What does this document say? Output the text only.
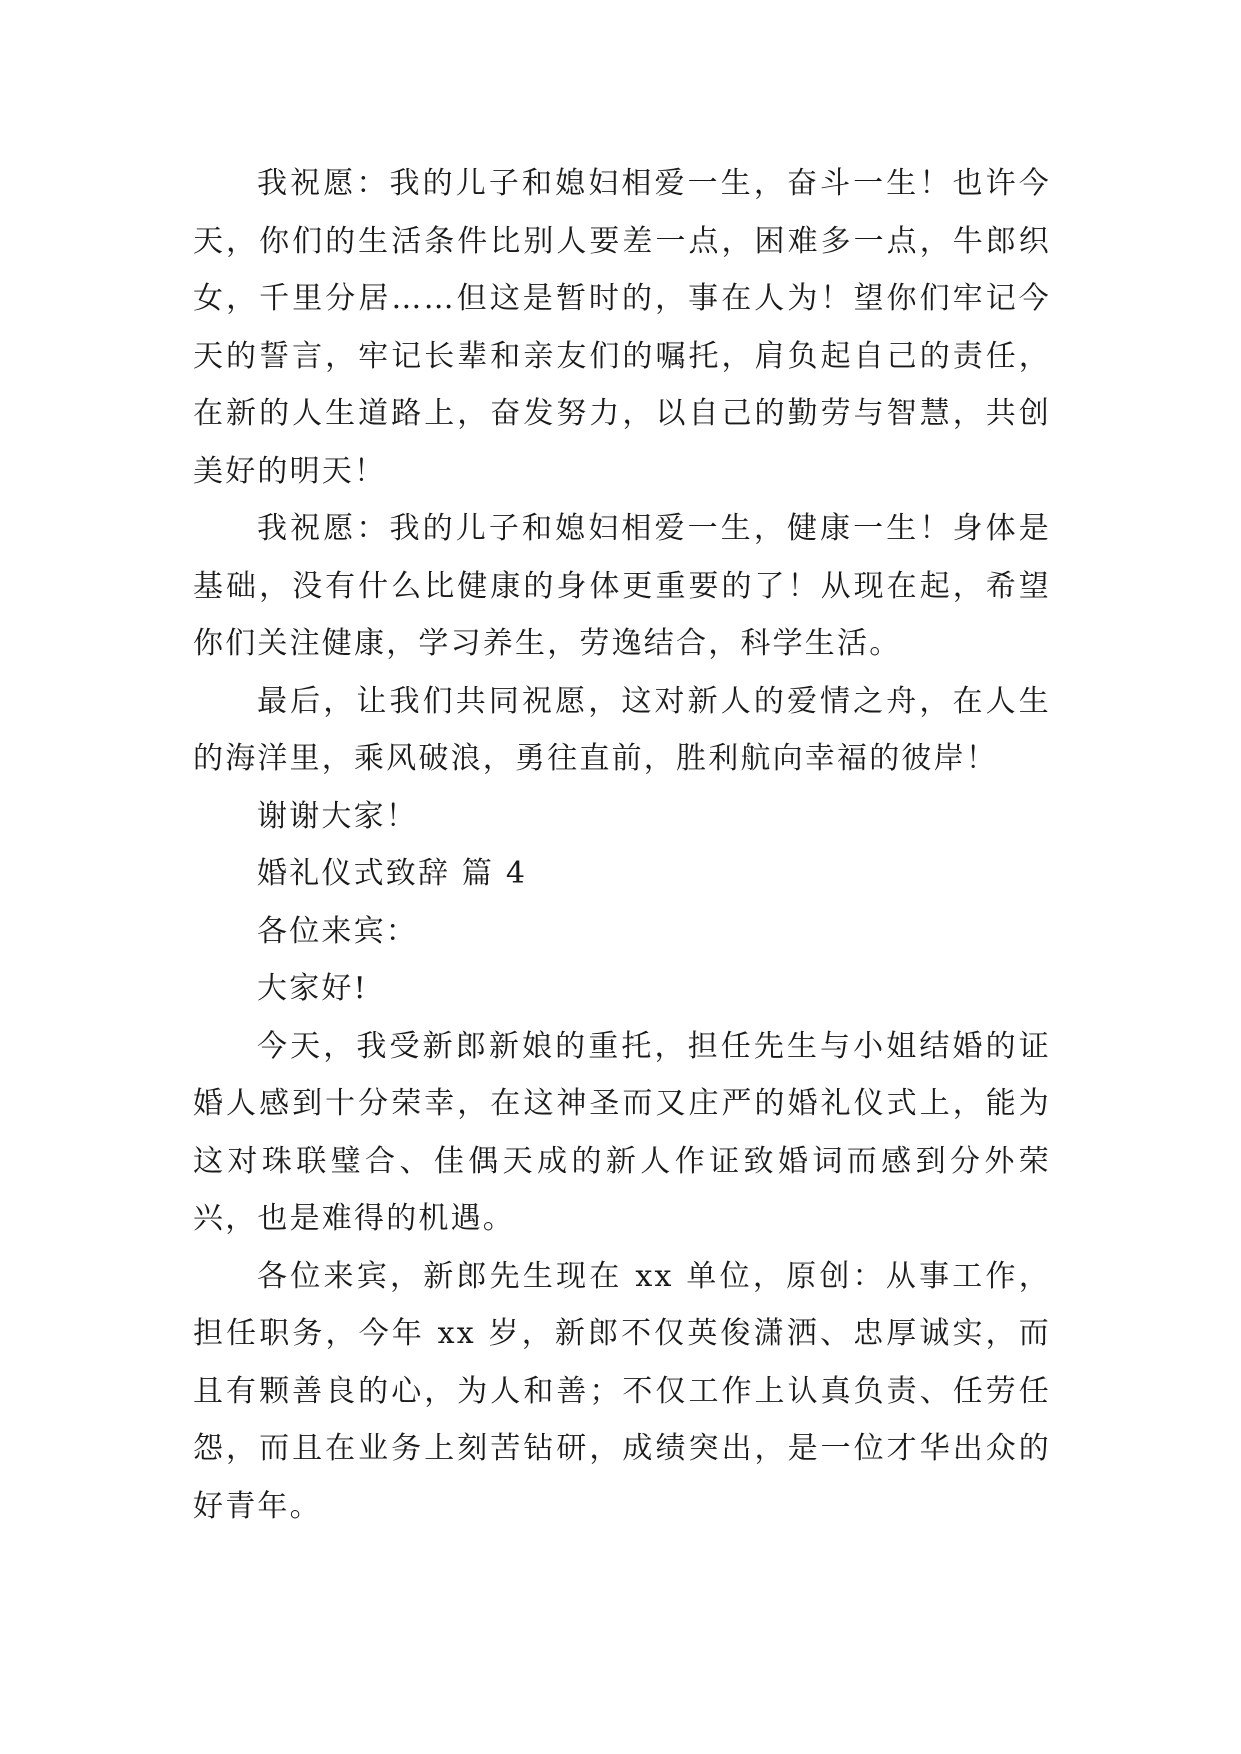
我祝愿：我的儿子和媳妇相爱一生，奋斗一生！也许今天，你们的生活条件比别人要差一点，困难多一点，牛郎织女，千里分居……但这是暂时的，事在人为！望你们牢记今天的誓言，牢记长辈和亲友们的嘱托，肩负起自己的责任，在新的人生道路上，奋发努力，以自己的勤劳与智慧，共创美好的明天！

我祝愿：我的儿子和媳妇相爱一生，健康一生！身体是基础，没有什么比健康的身体更重要的了！从现在起，希望你们关注健康，学习养生，劳逸结合，科学生活。

最后，让我们共同祝愿，这对新人的爱情之舟，在人生的海洋里，乘风破浪，勇往直前，胜利航向幸福的彼岸！

谢谢大家！

婚礼仪式致辞 篇 4

各位来宾：

大家好!

今天，我受新郎新娘的重托，担任先生与小姐结婚的证婚人感到十分荣幸，在这神圣而又庄严的婚礼仪式上，能为这对珠联璧合、佳偶天成的新人作证致婚词而感到分外荣兴，也是难得的机遇。

各位来宾，新郎先生现在 xx 单位，原创：从事工作，担任职务，今年 xx 岁，新郎不仅英俊潇洒、忠厚诚实，而且有颗善良的心，为人和善；不仅工作上认真负责、任劳任怨，而且在业务上刻苦钻研，成绩突出，是一位才华出众的好青年。
